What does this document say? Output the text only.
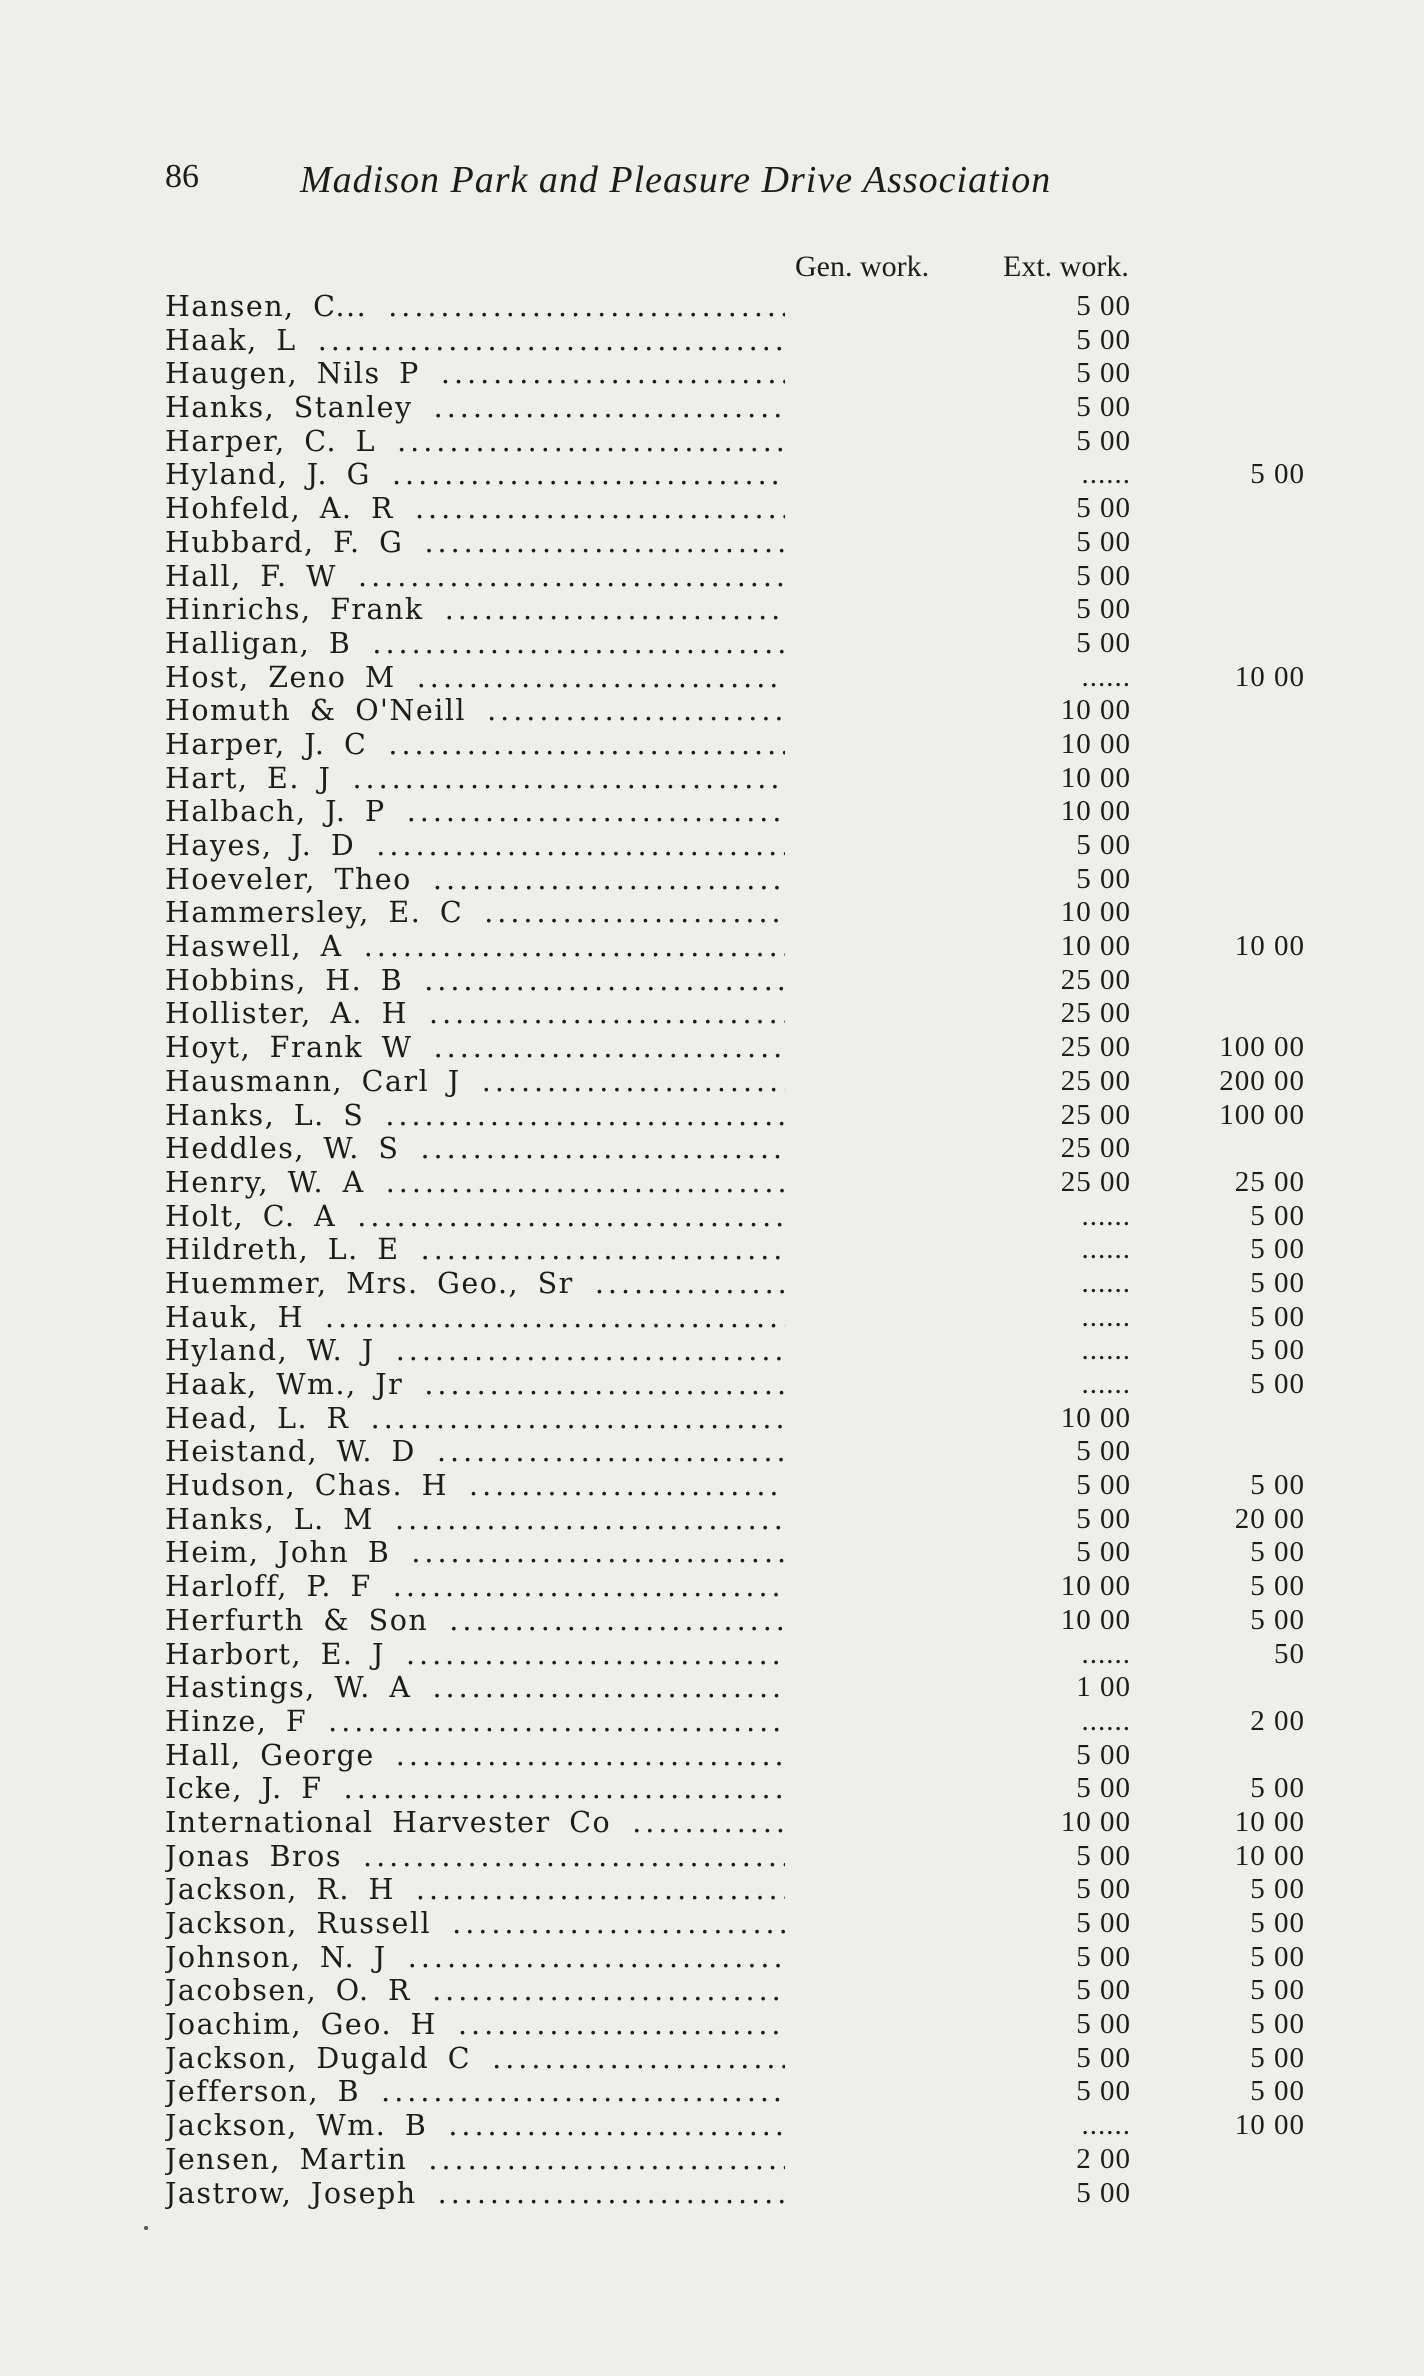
86	Madison Park and Pleasure Drive Association
Gen. work. Ext. work.
Hansen, C... .....	5 00
Haak, L .....	5 00
Haugen, Nils P .....	5 00
Hanks, Stanley .....	5 00
Harper, C. L .....	5 00
Hyland, J. G .....	......	5 00
Hohfeld, A. R .....	5 00
Hubbard, F. G .....	5 00
Hall, F. W .....	5 00
Hinrichs, Frank .....	5 00
Halligan, B .....	5 00
Host, Zeno M .....	......	10 00
Homuth & O'Neill .....	10 00
Harper, J. C .....	10 00
Hart, E. J .....	10 00
Halbach, J. P .....	10 00
Hayes, J. D .....	5 00
Hoeveler, Theo .....	5 00
Hammersley, E. C .....	10 00
Haswell, A .....	10 00	10 00
Hobbins, H. B .....	25 00
Hollister, A. H .....	25 00
Hoyt, Frank W .....	25 00	100 00
Hausmann, Carl J .....	25 00	200 00
Hanks, L. S .....	25 00	100 00
Heddles, W. S .....	25 00
Henry, W. A .....	25 00	25 00
Holt, C. A .....	......	5 00
Hildreth, L. E .....	......	5 00
Huemmer, Mrs. Geo., Sr .....	......	5 00
Hauk, H .....	......	5 00
Hyland, W. J .....	......	5 00
Haak, Wm., Jr .....	......	5 00
Head, L. R .....	10 00
Heistand, W. D .....	5 00
Hudson, Chas. H .....	5 00	5 00
Hanks, L. M .....	5 00	20 00
Heim, John B .....	5 00	5 00
Harloff, P. F .....	10 00	5 00
Herfurth & Son .....	10 00	5 00
Harbort, E. J .....	......	50
Hastings, W. A .....	1 00
Hinze, F .....	......	2 00
Hall, George .....	5 00
Icke, J. F .....	5 00	5 00
International Harvester Co .....	10 00	10 00
Jonas Bros .....	5 00	10 00
Jackson, R. H .....	5 00	5 00
Jackson, Russell .....	5 00	5 00
Johnson, N. J .....	5 00	5 00
Jacobsen, O. R .....	5 00	5 00
Joachim, Geo. H .....	5 00	5 00
Jackson, Dugald C .....	5 00	5 00
Jefferson, B .....	5 00	5 00
Jackson, Wm. B .....	......	10 00
Jensen, Martin .....	2 00
Jastrow, Joseph .....	5 00
